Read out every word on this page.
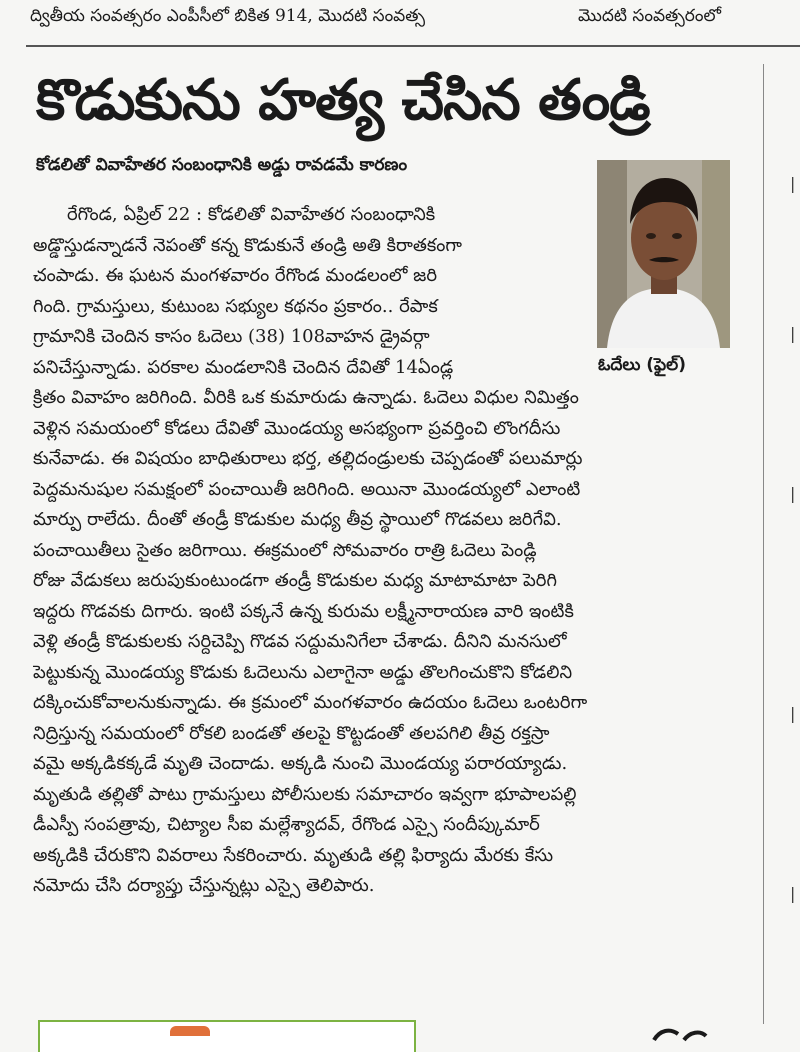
ద్వితీయ సంవత్సరం ఎంపీసీలో బికిత 914, మొదటి సంవత్స	మొదటి సంవత్సరంలో
కొడుకును హత్య చేసిన తండ్రి
కోడలితో వివాహేతర సంబంధానికి అడ్డు రావడమే కారణం
ఓదేలు (ఫైల్)
రేగొండ, ఏప్రిల్ 22 : కోడలితో వివాహేతర సంబంధానికి
అడ్డొస్తుడన్నాడనే నెపంతో కన్న కొడుకునే తండ్రి అతి కిరాతకంగా
చంపాడు. ఈ ఘటన మంగళవారం రేగొండ మండలంలో జరి
గింది. గ్రామస్తులు, కుటుంబ సభ్యుల కథనం ప్రకారం.. రేపాక
గ్రామానికి చెందిన కాసం ఓదెలు (38) 108వాహన డ్రైవర్గా
పనిచేస్తున్నాడు. పరకాల మండలానికి చెందిన దేవితో 14ఏండ్ల
క్రితం వివాహం జరిగింది. వీరికి ఒక కుమారుడు ఉన్నాడు. ఓదెలు విధుల నిమిత్తం
వెళ్లిన సమయంలో కోడలు దేవితో మొండయ్య అసభ్యంగా ప్రవర్తించి లొంగదీసు
కునేవాడు. ఈ విషయం బాధితురాలు భర్త, తల్లిదండ్రులకు చెప్పడంతో పలుమార్లు
పెద్దమనుషుల సమక్షంలో పంచాయితీ జరిగింది. అయినా మొండయ్యలో ఎలాంటి
మార్పు రాలేదు. దీంతో తండ్రీ కొడుకుల మధ్య తీవ్ర స్థాయిలో గొడవలు జరిగేవి.
పంచాయితీలు సైతం జరిగాయి. ఈక్రమంలో సోమవారం రాత్రి ఓదెలు పెండ్లి
రోజు వేడుకలు జరుపుకుంటుండగా తండ్రీ కొడుకుల మధ్య మాటామాటా పెరిగి
ఇద్దరు గొడవకు దిగారు. ఇంటి పక్కనే ఉన్న కురుమ లక్ష్మీనారాయణ వారి ఇంటికి
వెళ్లి తండ్రీ కొడుకులకు సర్దిచెప్పి గొడవ సద్దుమనిగేలా చేశాడు. దీనిని మనసులో
పెట్టుకున్న మొండయ్య కొడుకు ఓదెలును ఎలాగైనా అడ్డు తొలగించుకొని కోడలిని
దక్కించుకోవాలనుకున్నాడు. ఈ క్రమంలో మంగళవారం ఉదయం ఓదెలు ఒంటరిగా
నిద్రిస్తున్న సమయంలో రోకలి బండతో తలపై కొట్టడంతో తలపగిలి తీవ్ర రక్తస్రా
వమై అక్కడికక్కడే మృతి చెందాడు. అక్కడి నుంచి మొండయ్య పరారయ్యాడు.
మృతుడి తల్లితో పాటు గ్రామస్తులు పోలీసులకు సమాచారం ఇవ్వగా భూపాలపల్లి
డీఎస్పీ సంపత్రావు, చిట్యాల సీఐ మల్లేశ్యాదవ్, రేగొండ ఎస్సై సందీప్కుమార్
అక్కడికి చేరుకొని వివరాలు సేకరించారు. మృతుడి తల్లి ఫిర్యాదు మేరకు కేసు
నమోదు చేసి దర్యాప్తు చేస్తున్నట్లు ఎస్సై తెలిపారు.
|
|
|
|
|
